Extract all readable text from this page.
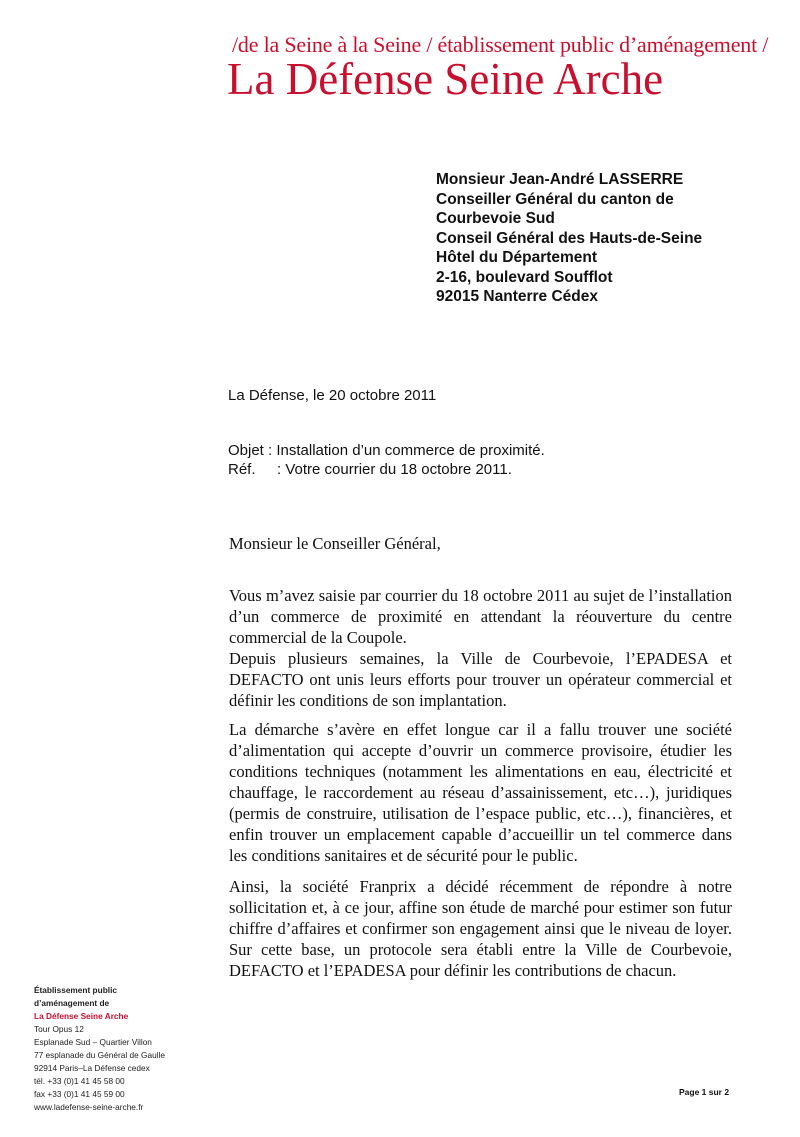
/de la Seine à la Seine / établissement public d’aménagement /
La Défense Seine Arche
Monsieur Jean-André LASSERRE
Conseiller Général du canton de
Courbevoie Sud
Conseil Général des Hauts-de-Seine
Hôtel du Département
2-16, boulevard Soufflot
92015 Nanterre Cédex
La Défense, le 20 octobre 2011
Objet : Installation d’un commerce de proximité.
Réf. : Votre courrier du 18 octobre 2011.
Monsieur le Conseiller Général,

Vous m’avez saisie par courrier du 18 octobre 2011 au sujet de l’installation d’un commerce de proximité en attendant la réouverture du centre commercial de la Coupole.

Depuis plusieurs semaines, la Ville de Courbevoie, l’EPADESA et DEFACTO ont unis leurs efforts pour trouver un opérateur commercial et définir les conditions de son implantation.

La démarche s’avère en effet longue car il a fallu trouver une société d’alimentation qui accepte d’ouvrir un commerce provisoire, étudier les conditions techniques (notamment les alimentations en eau, électricité et chauffage, le raccordement au réseau d’assainissement, etc…), juridiques (permis de construire, utilisation de l’espace public, etc…), financières, et enfin trouver un emplacement capable d’accueillir un tel commerce dans les conditions sanitaires et de sécurité pour le public.

Ainsi, la société Franprix a décidé récemment de répondre à notre sollicitation et, à ce jour, affine son étude de marché pour estimer son futur chiffre d’affaires et confirmer son engagement ainsi que le niveau de loyer. Sur cette base, un protocole sera établi entre la Ville de Courbevoie, DEFACTO et l’EPADESA pour définir les contributions de chacun.

Établissement public
d’aménagement de
La Défense Seine Arche
Tour Opus 12
Esplanade Sud – Quartier Villon
77 esplanade du Général de Gaulle
92914 Paris–La Défense cedex
tél. +33 (0)1 41 45 58 00
fax +33 (0)1 41 45 59 00
www.ladefense-seine-arche.fr
Page 1 sur 2
